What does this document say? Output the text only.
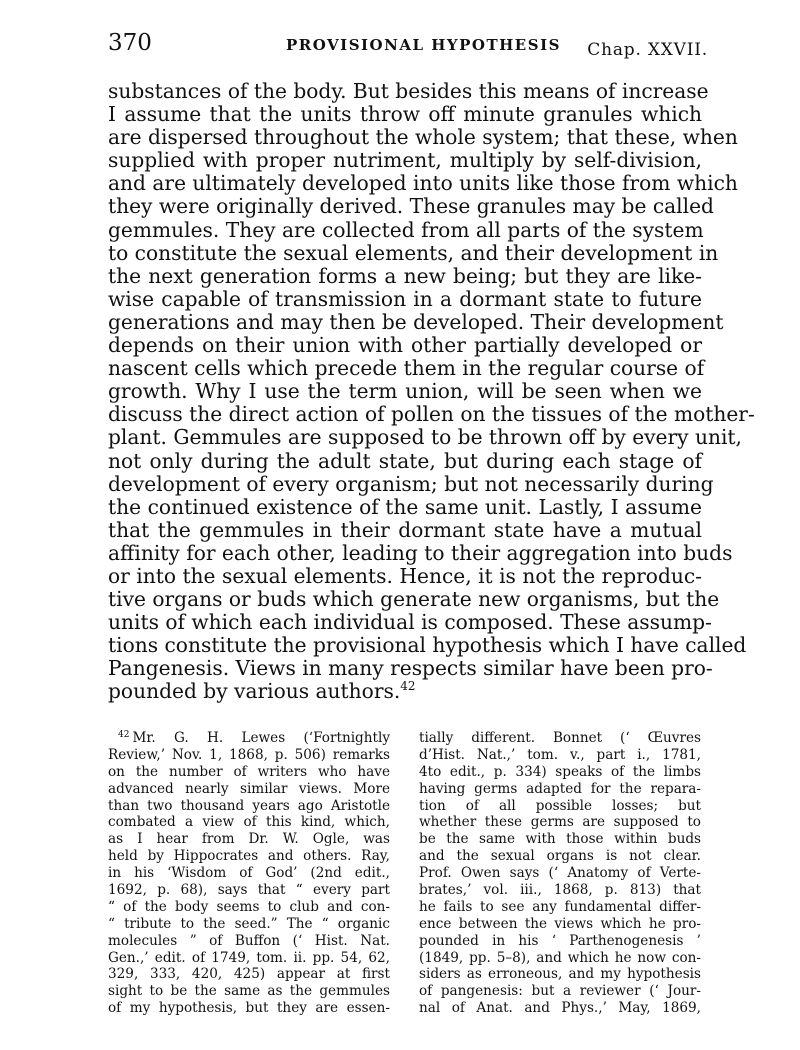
370	PROVISIONAL HYPOTHESIS Chap. XXVII.
substances of the body. But besides this means of increase
I assume that the units throw off minute granules which
are dispersed throughout the whole system; that these, when
supplied with proper nutriment, multiply by self-division,
and are ultimately developed into units like those from which
they were originally derived. These granules may be called
gemmules. They are collected from all parts of the system
to constitute the sexual elements, and their development in
the next generation forms a new being; but they are like-
wise capable of transmission in a dormant state to future
generations and may then be developed. Their development
depends on their union with other partially developed or
nascent cells which precede them in the regular course of
growth. Why I use the term union, will be seen when we
discuss the direct action of pollen on the tissues of the mother-
plant. Gemmules are supposed to be thrown off by every unit,
not only during the adult state, but during each stage of
development of every organism; but not necessarily during
the continued existence of the same unit. Lastly, I assume
that the gemmules in their dormant state have a mutual
affinity for each other, leading to their aggregation into buds
or into the sexual elements. Hence, it is not the reproduc-
tive organs or buds which generate new organisms, but the
units of which each individual is composed. These assump-
tions constitute the provisional hypothesis which I have called
Pangenesis. Views in many respects similar have been pro-
pounded by various authors.$^{42}$
$^{42}$ Mr. G. H. Lewes (‘Fortnightly
Review,’ Nov. 1, 1868, p. 506) remarks
on the number of writers who have
advanced nearly similar views. More
than two thousand years ago Aristotle
combated a view of this kind, which,
as I hear from Dr. W. Ogle, was
held by Hippocrates and others. Ray,
in his ‘Wisdom of God’ (2nd edit.,
1692, p. 68), says that “ every part
“ of the body seems to club and con-
“ tribute to the seed.” The “ organic
molecules ” of Buffon (‘ Hist. Nat.
Gen.,’ edit. of 1749, tom. ii. pp. 54, 62,
329, 333, 420, 425) appear at first
sight to be the same as the gemmules
of my hypothesis, but they are essen-
tially different. Bonnet (‘ Œuvres
d’Hist. Nat.,’ tom. v., part i., 1781,
4to edit., p. 334) speaks of the limbs
having germs adapted for the repara-
tion of all possible losses; but
whether these germs are supposed to
be the same with those within buds
and the sexual organs is not clear.
Prof. Owen says (‘ Anatomy of Verte-
brates,’ vol. iii., 1868, p. 813) that
he fails to see any fundamental differ-
ence between the views which he pro-
pounded in his ‘ Parthenogenesis ’
(1849, pp. 5–8), and which he now con-
siders as erroneous, and my hypothesis
of pangenesis: but a reviewer (‘ Jour-
nal of Anat. and Phys.,’ May, 1869,
